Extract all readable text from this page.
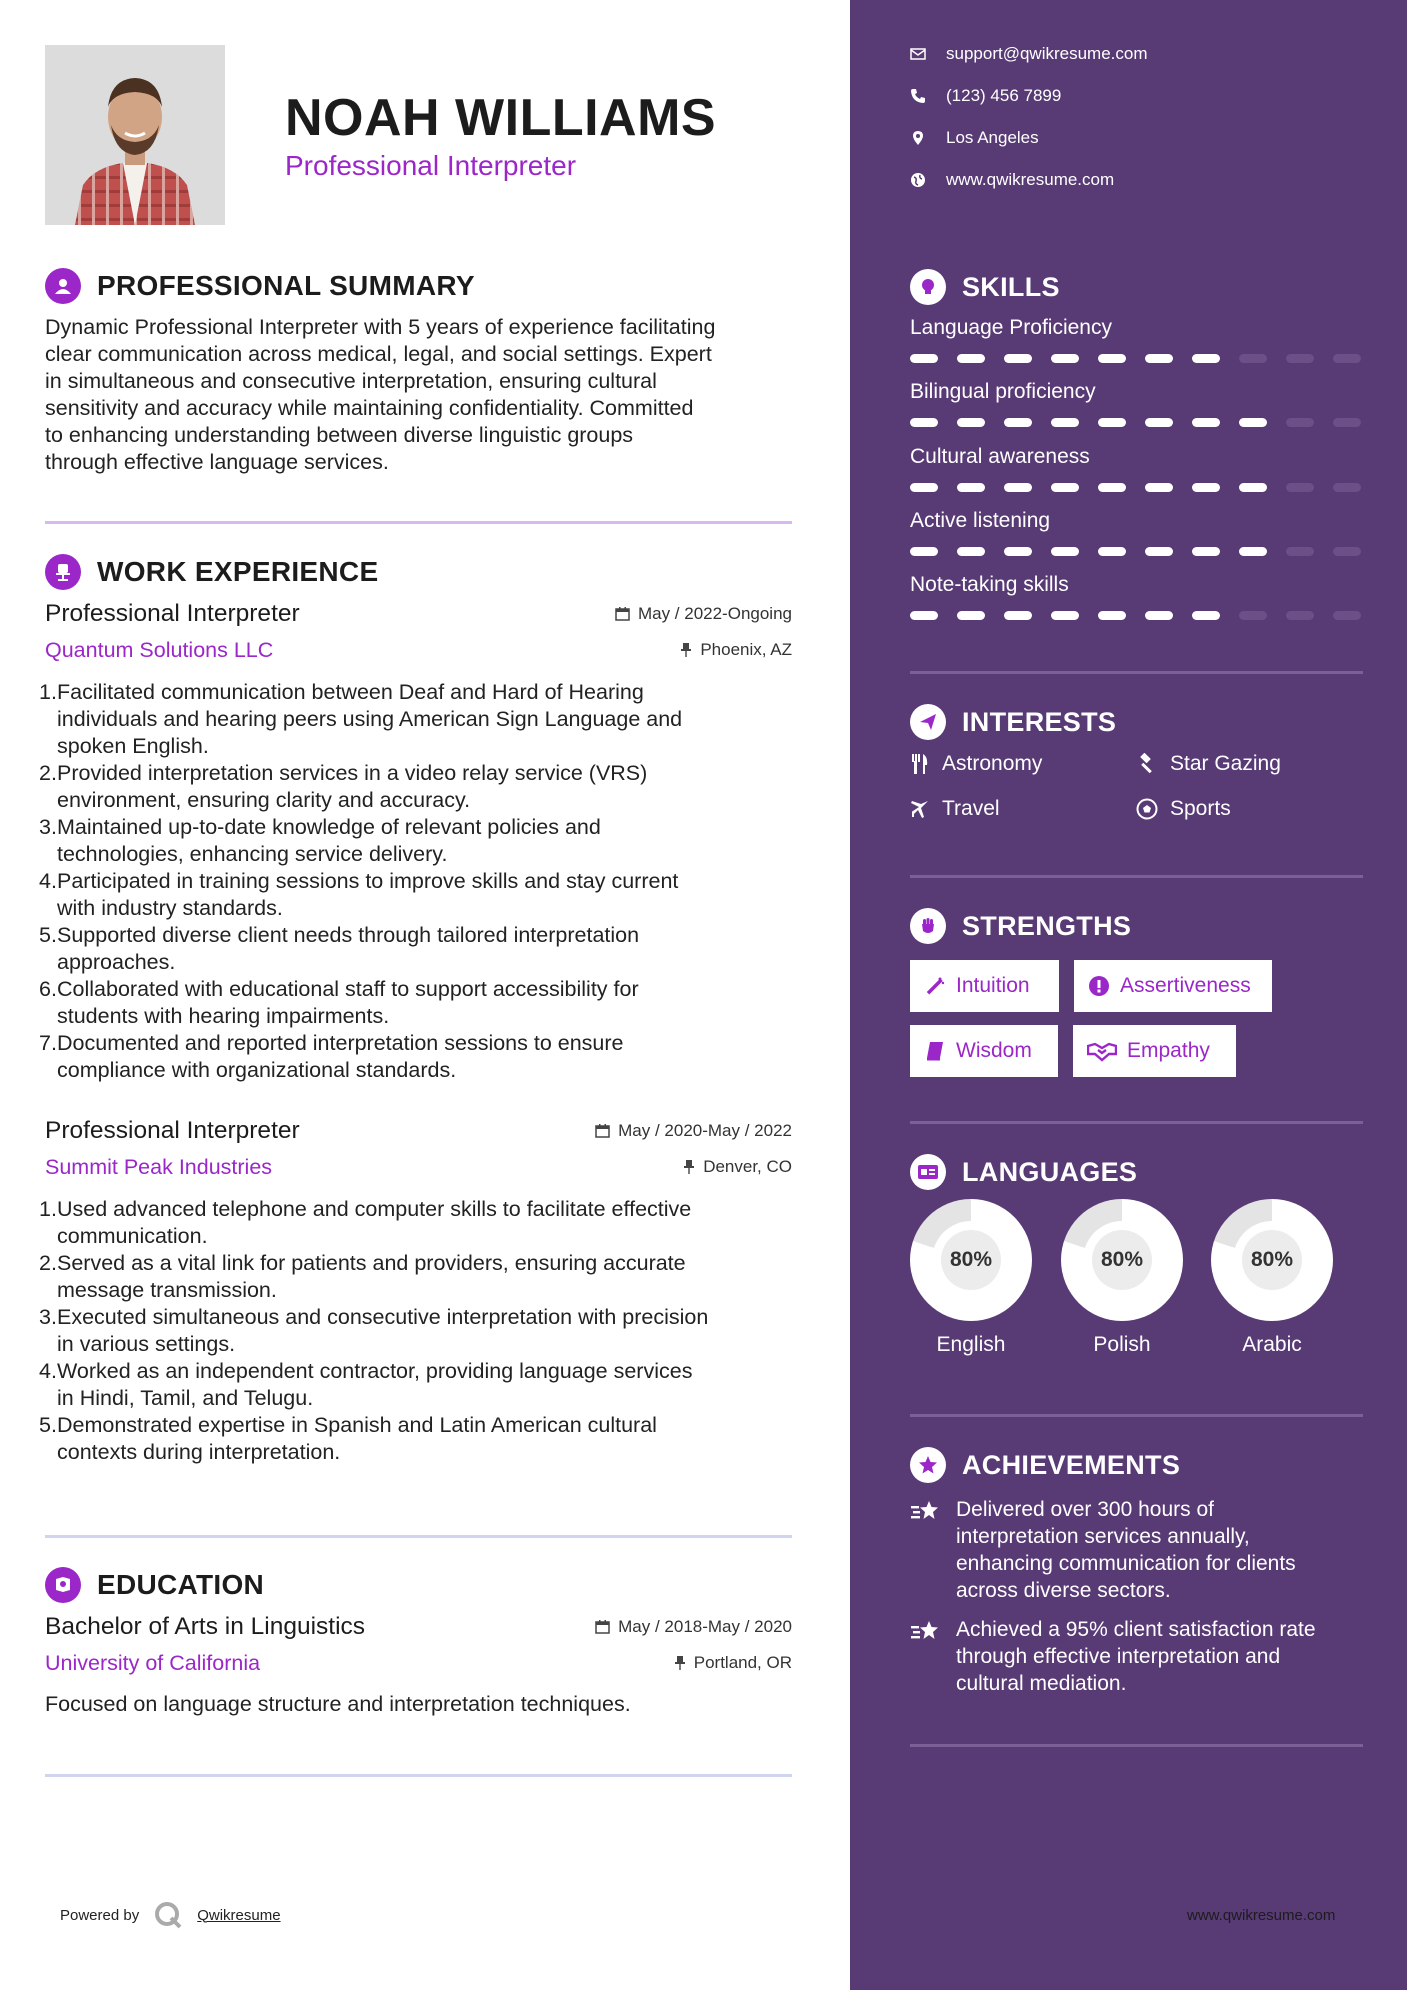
NOAH WILLIAMS
Professional Interpreter
PROFESSIONAL SUMMARY
Dynamic Professional Interpreter with 5 years of experience facilitating
clear communication across medical, legal, and social settings. Expert
in simultaneous and consecutive interpretation, ensuring cultural
sensitivity and accuracy while maintaining confidentiality. Committed
to enhancing understanding between diverse linguistic groups
through effective language services.
WORK EXPERIENCE
Professional Interpreter	May / 2022-Ongoing
Quantum Solutions LLC	Phoenix, AZ
1. Facilitated communication between Deaf and Hard of Hearing
individuals and hearing peers using American Sign Language and
spoken English.
2. Provided interpretation services in a video relay service (VRS)
environment, ensuring clarity and accuracy.
3. Maintained up-to-date knowledge of relevant policies and
technologies, enhancing service delivery.
4. Participated in training sessions to improve skills and stay current
with industry standards.
5. Supported diverse client needs through tailored interpretation
approaches.
6. Collaborated with educational staff to support accessibility for
students with hearing impairments.
7. Documented and reported interpretation sessions to ensure
compliance with organizational standards.
Professional Interpreter	May / 2020-May / 2022
Summit Peak Industries	Denver, CO
1. Used advanced telephone and computer skills to facilitate effective
communication.
2. Served as a vital link for patients and providers, ensuring accurate
message transmission.
3. Executed simultaneous and consecutive interpretation with precision
in various settings.
4. Worked as an independent contractor, providing language services
in Hindi, Tamil, and Telugu.
5. Demonstrated expertise in Spanish and Latin American cultural
contexts during interpretation.
EDUCATION
Bachelor of Arts in Linguistics	May / 2018-May / 2020
University of California	Portland, OR
Focused on language structure and interpretation techniques.
Powered by	Qwikresume
support@qwikresume.com
(123) 456 7899
Los Angeles
www.qwikresume.com
SKILLS
Language Proficiency
Bilingual proficiency
Cultural awareness
Active listening
Note-taking skills
INTERESTS
Astronomy	Star Gazing
Travel	Sports
STRENGTHS
Intuition	Assertiveness
Wisdom	Empathy
LANGUAGES
80%
English
80%
Polish
80%
Arabic
ACHIEVEMENTS
Delivered over 300 hours of
interpretation services annually,
enhancing communication for clients
across diverse sectors.
Achieved a 95% client satisfaction rate
through effective interpretation and
cultural mediation.
www.qwikresume.com
